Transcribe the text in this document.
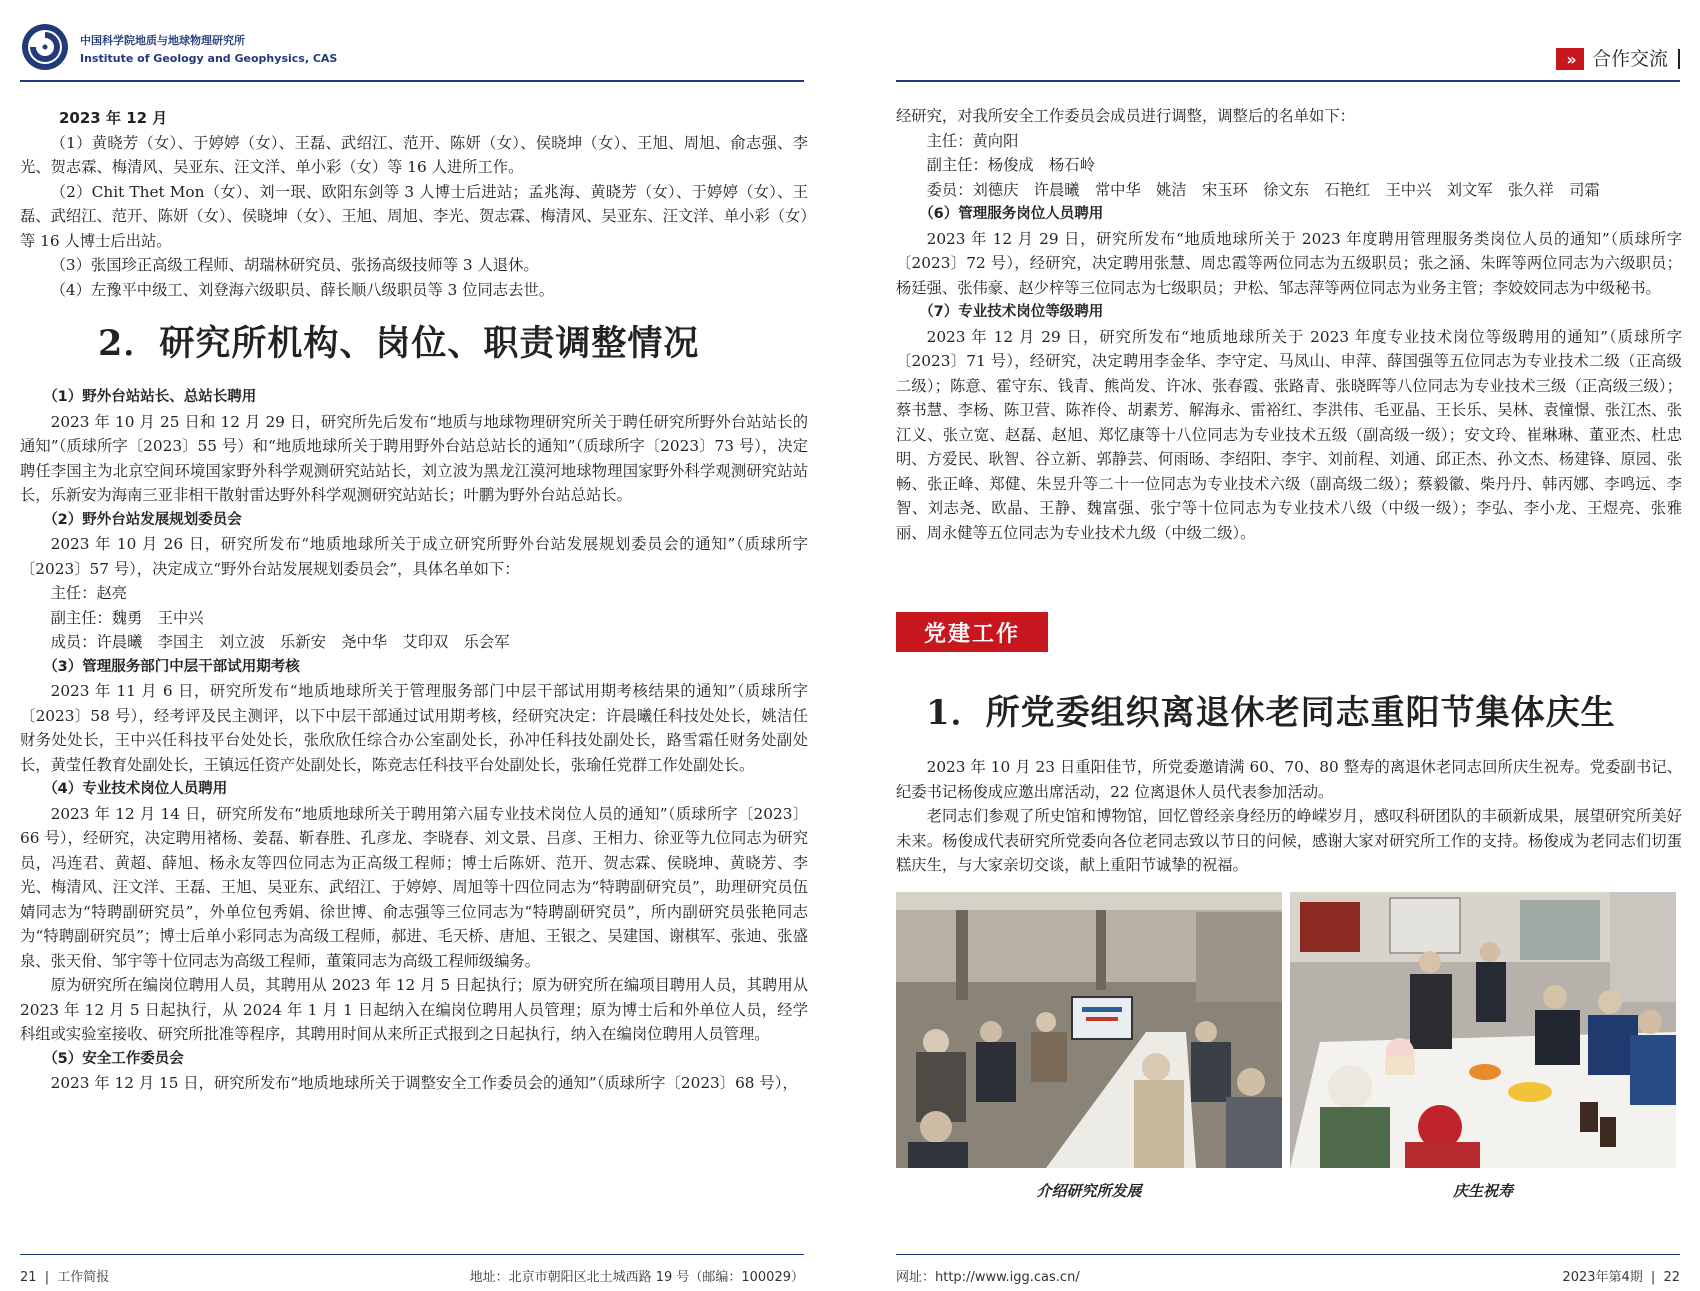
中国科学院地质与地球物理研究所
Institute of Geology and Geophysics, CAS
2023 年 12 月
（1）黄晓芳（女）、于婷婷（女）、王磊、武绍江、范开、陈妍（女）、侯晓坤（女）、王旭、周旭、俞志强、李光、贺志霖、梅清风、吴亚东、汪文洋、单小彩（女）等 16 人进所工作。
（2）Chit Thet Mon（女）、刘一珉、欧阳东剑等 3 人博士后进站；孟兆海、黄晓芳（女）、于婷婷（女）、王磊、武绍江、范开、陈妍（女）、侯晓坤（女）、王旭、周旭、李光、贺志霖、梅清风、吴亚东、汪文洋、单小彩（女）等 16 人博士后出站。
（3）张国珍正高级工程师、胡瑞林研究员、张扬高级技师等 3 人退休。
（4）左豫平中级工、刘登海六级职员、薛长顺八级职员等 3 位同志去世。
2．研究所机构、岗位、职责调整情况
（1）野外台站站长、总站长聘用
2023 年 10 月 25 日和 12 月 29 日，研究所先后发布“地质与地球物理研究所关于聘任研究所野外台站站长的通知”（质球所字〔2023〕55 号）和“地质地球所关于聘用野外台站总站长的通知”（质球所字〔2023〕73 号），决定聘任李国主为北京空间环境国家野外科学观测研究站站长，刘立波为黑龙江漠河地球物理国家野外科学观测研究站站长，乐新安为海南三亚非相干散射雷达野外科学观测研究站站长；叶鹏为野外台站总站长。
（2）野外台站发展规划委员会
2023 年 10 月 26 日，研究所发布“地质地球所关于成立研究所野外台站发展规划委员会的通知”（质球所字〔2023〕57 号），决定成立“野外台站发展规划委员会”，具体名单如下：
主任：赵亮
副主任：魏勇　王中兴
成员：许晨曦　李国主　刘立波　乐新安　尧中华　艾印双　乐会军
（3）管理服务部门中层干部试用期考核
2023 年 11 月 6 日，研究所发布“地质地球所关于管理服务部门中层干部试用期考核结果的通知”（质球所字〔2023〕58 号），经考评及民主测评，以下中层干部通过试用期考核，经研究决定：许晨曦任科技处处长，姚洁任财务处处长，王中兴任科技平台处处长，张欣欣任综合办公室副处长，孙冲任科技处副处长，路雪霜任财务处副处长，黄莹任教育处副处长，王镇远任资产处副处长，陈竞志任科技平台处副处长，张瑜任党群工作处副处长。
（4）专业技术岗位人员聘用
2023 年 12 月 14 日，研究所发布“地质地球所关于聘用第六届专业技术岗位人员的通知”（质球所字〔2023〕66 号），经研究，决定聘用褚杨、姜磊、靳春胜、孔彦龙、李晓春、刘文景、吕彦、王相力、徐亚等九位同志为研究员，冯连君、黄超、薛旭、杨永友等四位同志为正高级工程师；博士后陈妍、范开、贺志霖、侯晓坤、黄晓芳、李光、梅清风、汪文洋、王磊、王旭、吴亚东、武绍江、于婷婷、周旭等十四位同志为“特聘副研究员”，助理研究员伍婧同志为“特聘副研究员”，外单位包秀娟、徐世博、俞志强等三位同志为“特聘副研究员”，所内副研究员张艳同志为“特聘副研究员”；博士后单小彩同志为高级工程师，郝进、毛天桥、唐旭、王银之、吴建国、谢棋军、张迪、张盛泉、张天佾、邹宇等十位同志为高级工程师，董策同志为高级工程师级编务。
原为研究所在编岗位聘用人员，其聘用从 2023 年 12 月 5 日起执行；原为研究所在编项目聘用人员，其聘用从 2023 年 12 月 5 日起执行，从 2024 年 1 月 1 日起纳入在编岗位聘用人员管理；原为博士后和外单位人员，经学科组或实验室接收、研究所批准等程序，其聘用时间从来所正式报到之日起执行，纳入在编岗位聘用人员管理。
（5）安全工作委员会
2023 年 12 月 15 日，研究所发布“地质地球所关于调整安全工作委员会的通知”（质球所字〔2023〕68 号），
21 | 工作简报	地址：北京市朝阳区北土城西路 19 号（邮编：100029）
» 合作交流
经研究，对我所安全工作委员会成员进行调整，调整后的名单如下：
主任：黄向阳
副主任：杨俊成　杨石岭
委员：刘德庆　许晨曦　常中华　姚洁　宋玉环　徐文东　石艳红　王中兴　刘文军　张久祥　司霜
（6）管理服务岗位人员聘用
2023 年 12 月 29 日，研究所发布“地质地球所关于 2023 年度聘用管理服务类岗位人员的通知”（质球所字〔2023〕72 号），经研究，决定聘用张慧、周忠霞等两位同志为五级职员；张之涵、朱晖等两位同志为六级职员；杨廷强、张伟豪、赵少梓等三位同志为七级职员；尹松、邹志萍等两位同志为业务主管；李姣姣同志为中级秘书。
（7）专业技术岗位等级聘用
2023 年 12 月 29 日，研究所发布“地质地球所关于 2023 年度专业技术岗位等级聘用的通知”（质球所字〔2023〕71 号），经研究，决定聘用李金华、李守定、马凤山、申萍、薛国强等五位同志为专业技术二级（正高级二级）；陈意、霍守东、钱青、熊尚发、许冰、张春霞、张路青、张晓晖等八位同志为专业技术三级（正高级三级）；蔡书慧、李杨、陈卫营、陈祚伶、胡素芳、解海永、雷裕红、李洪伟、毛亚晶、王长乐、吴林、袁憧憬、张江杰、张江义、张立宽、赵磊、赵旭、郑忆康等十八位同志为专业技术五级（副高级一级）；安文玲、崔琳琳、董亚杰、杜忠明、方爱民、耿智、谷立新、郭静芸、何雨旸、李绍阳、李宇、刘前程、刘通、邱正杰、孙文杰、杨建锋、原园、张畅、张正峰、郑健、朱昱升等二十一位同志为专业技术六级（副高级二级）；蔡毅徽、柴丹丹、韩丙娜、李鸣远、李智、刘志尧、欧晶、王静、魏富强、张宁等十位同志为专业技术八级（中级一级）；李弘、李小龙、王煜亮、张雅丽、周永健等五位同志为专业技术九级（中级二级）。
党建工作
1．所党委组织离退休老同志重阳节集体庆生
2023 年 10 月 23 日重阳佳节，所党委邀请满 60、70、80 整寿的离退休老同志回所庆生祝寿。党委副书记、纪委书记杨俊成应邀出席活动，22 位离退休人员代表参加活动。
老同志们参观了所史馆和博物馆，回忆曾经亲身经历的峥嵘岁月，感叹科研团队的丰硕新成果，展望研究所美好未来。杨俊成代表研究所党委向各位老同志致以节日的问候，感谢大家对研究所工作的支持。杨俊成为老同志们切蛋糕庆生，与大家亲切交谈，献上重阳节诚挚的祝福。
介绍研究所发展	庆生祝寿
网址：http://www.igg.cas.cn/	2023年第4期 | 22
